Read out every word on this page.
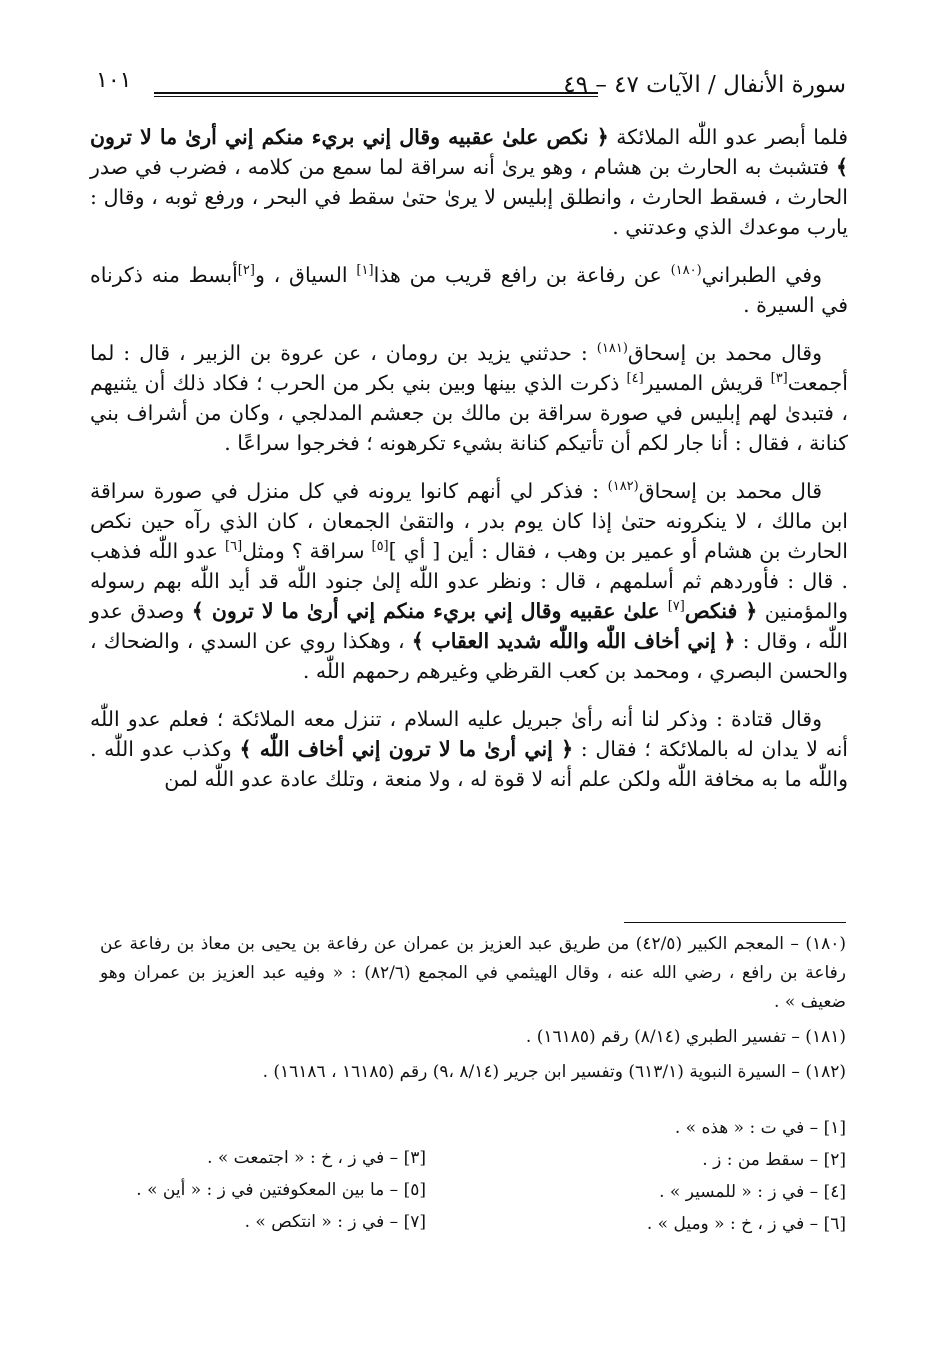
سورة الأنفال / الآيات ٤٧ – ٤٩
١٠١

فلما أبصر عدو اللّٰه الملائكة ﴿ نكص علىٰ عقبيه وقال إني بريء منكم إني أرىٰ ما لا ترون ﴾ فتشبث به الحارث بن هشام ، وهو يرىٰ أنه سراقة لما سمع من كلامه ، فضرب في صدر الحارث ، فسقط الحارث ، وانطلق إبليس لا يرىٰ حتىٰ سقط في البحر ، ورفع ثوبه ، وقال : يارب موعدك الذي وعدتني .

وفي الطبراني$^{(١٨٠)}$ عن رفاعة بن رافع قريب من هذا[١] السياق ، و[٢]أبسط منه ذكرناه في السيرة .

وقال محمد بن إسحاق$^{(١٨١)}$ : حدثني يزيد بن رومان ، عن عروة بن الزبير ، قال : لما أجمعت[٣] قريش المسير[٤] ذكرت الذي بينها وبين بني بكر من الحرب ؛ فكاد ذلك أن يثنيهم ، فتبدىٰ لهم إبليس في صورة سراقة بن مالك بن جعشم المدلجي ، وكان من أشراف بني كنانة ، فقال : أنا جار لكم أن تأتيكم كنانة بشيء تكرهونه ؛ فخرجوا سراعًا .

قال محمد بن إسحاق$^{(١٨٢)}$ : فذكر لي أنهم كانوا يرونه في كل منزل في صورة سراقة ابن مالك ، لا ينكرونه حتىٰ إذا كان يوم بدر ، والتقىٰ الجمعان ، كان الذي رآه حين نكص الحارث بن هشام أو عمير بن وهب ، فقال : أين [ أي ][٥] سراقة ؟ ومثل[٦] عدو اللّٰه فذهب . قال : فأوردهم ثم أسلمهم ، قال : ونظر عدو اللّٰه إلىٰ جنود اللّٰه قد أيد اللّٰه بهم رسوله والمؤمنين ﴿ فنكص[٧] علىٰ عقبيه وقال إني بريء منكم إني أرىٰ ما لا ترون ﴾ وصدق عدو اللّٰه ، وقال : ﴿ إني أخاف اللّٰه واللّٰه شديد العقاب ﴾ ، وهكذا روي عن السدي ، والضحاك ، والحسن البصري ، ومحمد بن كعب القرظي وغيرهم رحمهم اللّٰه .

وقال قتادة : وذكر لنا أنه رأىٰ جبريل عليه السلام ، تنزل معه الملائكة ؛ فعلم عدو اللّٰه أنه لا يدان له بالملائكة ؛ فقال : ﴿ إني أرىٰ ما لا ترون إني أخاف اللّٰه ﴾ وكذب عدو اللّٰه . واللّٰه ما به مخافة اللّٰه ولكن علم أنه لا قوة له ، ولا منعة ، وتلك عادة عدو اللّٰه لمن

(١٨٠) – المعجم الكبير (٤٢/٥) من طريق عبد العزيز بن عمران عن رفاعة بن يحيى بن معاذ بن رفاعة عن رفاعة بن رافع ، رضي الله عنه ، وقال الهيثمي في المجمع (٨٢/٦) : « وفيه عبد العزيز بن عمران وهو ضعيف » .

(١٨١) – تفسير الطبري (٨/١٤) رقم (١٦١٨٥) .

(١٨٢) – السيرة النبوية (٦١٣/١) وتفسير ابن جرير (٨/١٤ ،٩) رقم (١٦١٨٥ ، ١٦١٨٦) .

[١] – في ت : « هذه » .
[٢] – سقط من : ز .
[٤] – في ز : « للمسير » .
[٦] – في ز ، خ : « وميل » .
[٣] – في ز ، خ : « اجتمعت » .
[٥] – ما بين المعكوفتين في ز : « أين » .
[٧] – في ز : « انتكص » .
